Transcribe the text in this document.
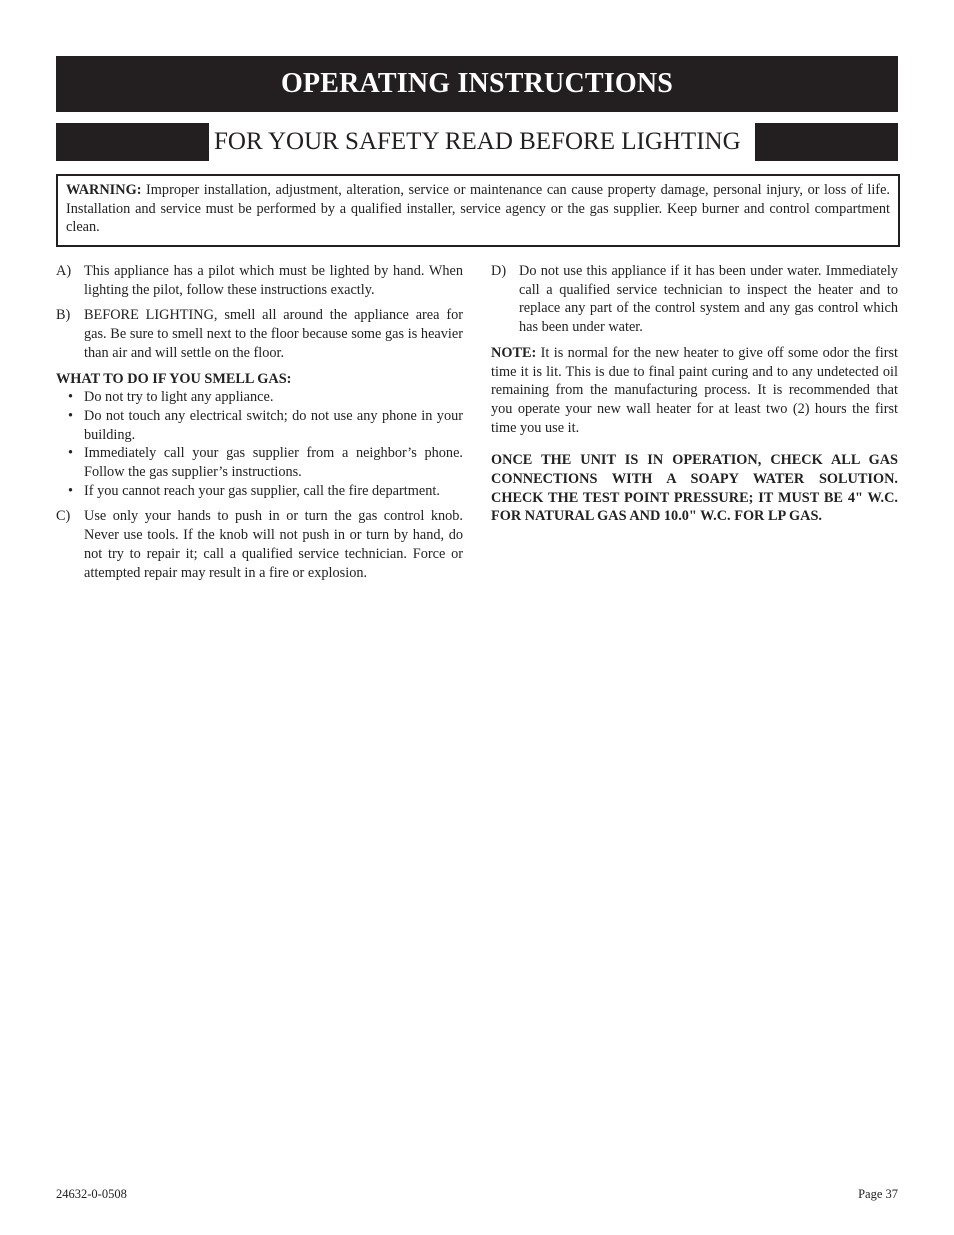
OPERATING INSTRUCTIONS
FOR YOUR SAFETY READ BEFORE LIGHTING
WARNING: Improper installation, adjustment, alteration, service or maintenance can cause property damage, personal injury, or loss of life. Installation and service must be performed by a qualified installer, service agency or the gas supplier. Keep burner and control compartment clean.
A) This appliance has a pilot which must be lighted by hand. When lighting the pilot, follow these instructions exactly.
B) BEFORE LIGHTING, smell all around the appliance area for gas. Be sure to smell next to the floor because some gas is heavier than air and will settle on the floor.
WHAT TO DO IF YOU SMELL GAS:
• Do not try to light any appliance.
• Do not touch any electrical switch; do not use any phone in your building.
• Immediately call your gas supplier from a neighbor’s phone. Follow the gas supplier’s instructions.
• If you cannot reach your gas supplier, call the fire department.
C) Use only your hands to push in or turn the gas control knob. Never use tools. If the knob will not push in or turn by hand, do not try to repair it; call a qualified service technician. Force or attempted repair may result in a fire or explosion.
D) Do not use this appliance if it has been under water. Immediately call a qualified service technician to inspect the heater and to replace any part of the control system and any gas control which has been under water.
NOTE: It is normal for the new heater to give off some odor the first time it is lit. This is due to final paint curing and to any undetected oil remaining from the manufacturing process. It is recommended that you operate your new wall heater for at least two (2) hours the first time you use it.
ONCE THE UNIT IS IN OPERATION, CHECK ALL GAS CONNECTIONS WITH A SOAPY WATER SOLUTION. CHECK THE TEST POINT PRESSURE; IT MUST BE 4" W.C. FOR NATURAL GAS AND 10.0" W.C. FOR LP GAS.
24632-0-0508	Page 37
